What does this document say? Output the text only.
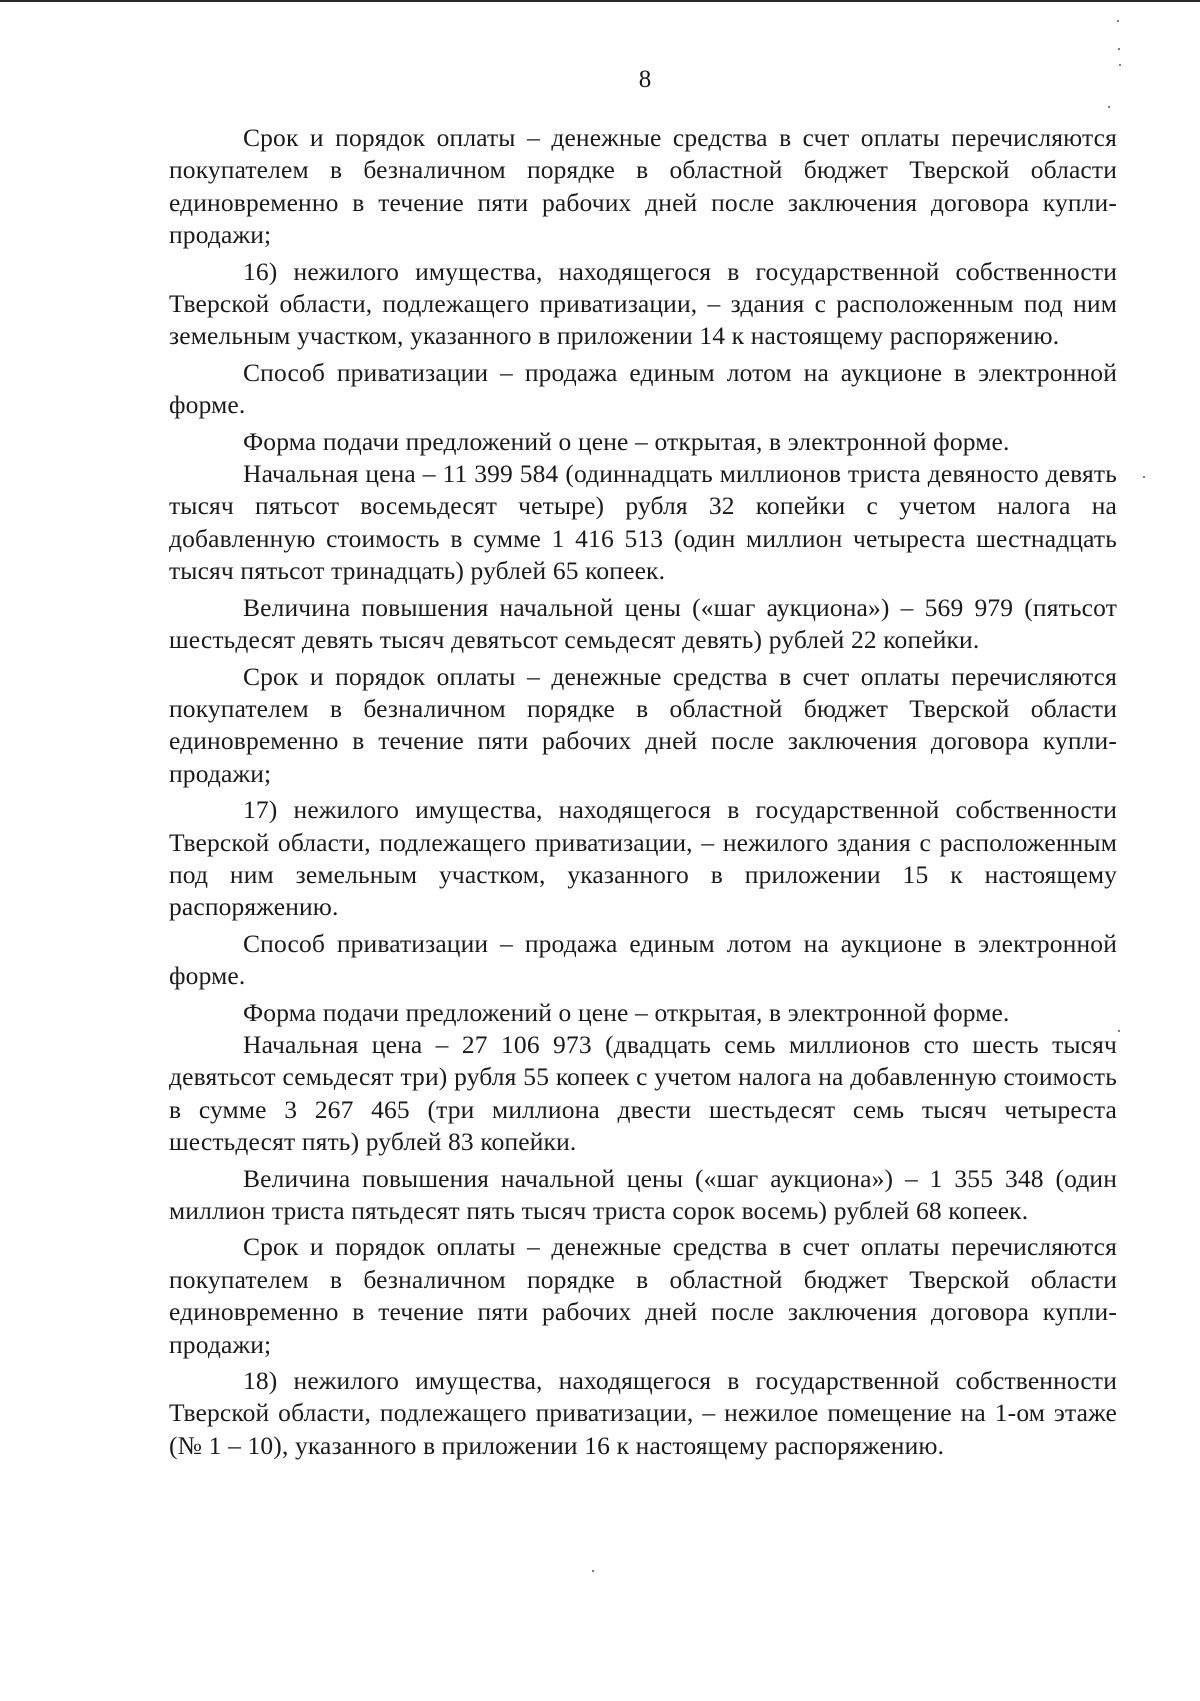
8

Срок и порядок оплаты – денежные средства в счет оплаты перечисляются покупателем в безналичном порядке в областной бюджет Тверской области единовременно в течение пяти рабочих дней после заключения договора купли-продажи;

16) нежилого имущества, находящегося в государственной собственности Тверской области, подлежащего приватизации, – здания с расположенным под ним земельным участком, указанного в приложении 14 к настоящему распоряжению.

Способ приватизации – продажа единым лотом на аукционе в электронной форме.

Форма подачи предложений о цене – открытая, в электронной форме.

Начальная цена – 11 399 584 (одиннадцать миллионов триста девяносто девять тысяч пятьсот восемьдесят четыре) рубля 32 копейки с учетом налога на добавленную стоимость в сумме 1 416 513 (один миллион четыреста шестнадцать тысяч пятьсот тринадцать) рублей 65 копеек.

Величина повышения начальной цены («шаг аукциона») – 569 979 (пятьсот шестьдесят девять тысяч девятьсот семьдесят девять) рублей 22 копейки.

Срок и порядок оплаты – денежные средства в счет оплаты перечисляются покупателем в безналичном порядке в областной бюджет Тверской области единовременно в течение пяти рабочих дней после заключения договора купли-продажи;

17) нежилого имущества, находящегося в государственной собственности Тверской области, подлежащего приватизации, – нежилого здания с расположенным под ним земельным участком, указанного в приложении 15 к настоящему распоряжению.

Способ приватизации – продажа единым лотом на аукционе в электронной форме.

Форма подачи предложений о цене – открытая, в электронной форме.

Начальная цена – 27 106 973 (двадцать семь миллионов сто шесть тысяч девятьсот семьдесят три) рубля 55 копеек с учетом налога на добавленную стоимость в сумме 3 267 465 (три миллиона двести шестьдесят семь тысяч четыреста шестьдесят пять) рублей 83 копейки.

Величина повышения начальной цены («шаг аукциона») – 1 355 348 (один миллион триста пятьдесят пять тысяч триста сорок восемь) рублей 68 копеек.

Срок и порядок оплаты – денежные средства в счет оплаты перечисляются покупателем в безналичном порядке в областной бюджет Тверской области единовременно в течение пяти рабочих дней после заключения договора купли-продажи;

18) нежилого имущества, находящегося в государственной собственности Тверской области, подлежащего приватизации, – нежилое помещение на 1-ом этаже (№ 1 – 10), указанного в приложении 16 к настоящему распоряжению.
